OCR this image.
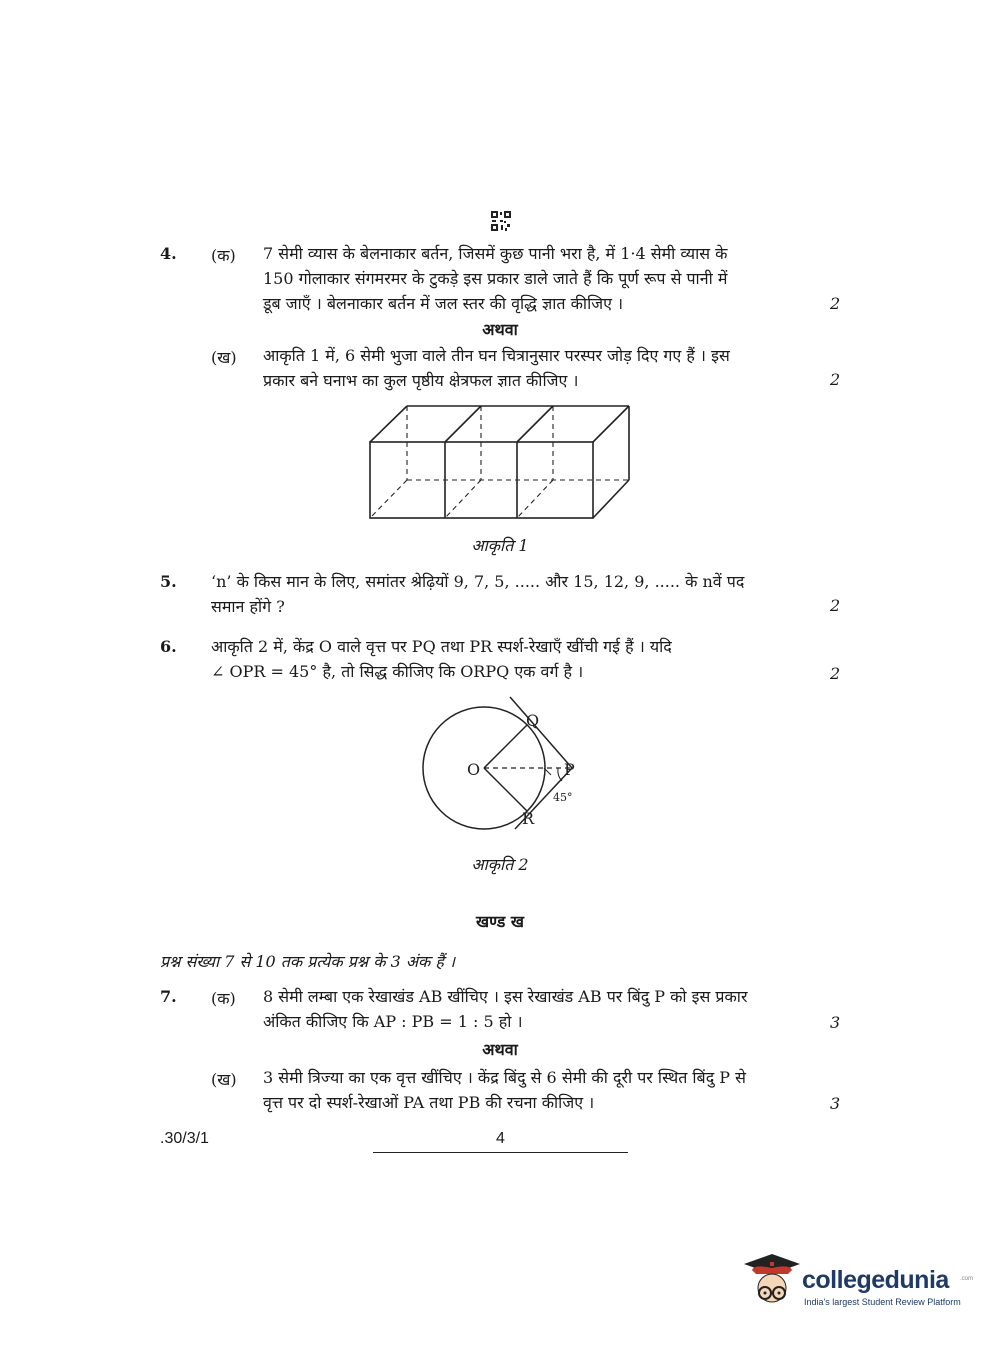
4. (क) 7 सेमी व्यास के बेलनाकार बर्तन, जिसमें कुछ पानी भरा है, में 1·4 सेमी व्यास के
150 गोलाकार संगमरमर के टुकड़े इस प्रकार डाले जाते हैं कि पूर्ण रूप से पानी में
डूब जाएँ । बेलनाकार बर्तन में जल स्तर की वृद्धि ज्ञात कीजिए ।	2
अथवा
(ख) आकृति 1 में, 6 सेमी भुजा वाले तीन घन चित्रानुसार परस्पर जोड़ दिए गए हैं । इस
प्रकार बने घनाभ का कुल पृष्ठीय क्षेत्रफल ज्ञात कीजिए ।	2
आकृति 1
5. ‘n’ के किस मान के लिए, समांतर श्रेढ़ियों 9, 7, 5, ..... और 15, 12, 9, ..... के nवें पद
समान होंगे ?	2
6. आकृति 2 में, केंद्र O वाले वृत्त पर PQ तथा PR स्पर्श-रेखाएँ खींची गई हैं । यदि
∠ OPR = 45° है, तो सिद्ध कीजिए कि ORPQ एक वर्ग है ।	2
O	P
Q
R
45°
आकृति 2
खण्ड ख
प्रश्न संख्या 7 से 10 तक प्रत्येक प्रश्न के 3 अंक हैं ।
7. (क) 8 सेमी लम्बा एक रेखाखंड AB खींचिए । इस रेखाखंड AB पर बिंदु P को इस प्रकार
अंकित कीजिए कि AP : PB = 1 : 5 हो ।	3
अथवा
(ख) 3 सेमी त्रिज्या का एक वृत्त खींचिए । केंद्र बिंदु से 6 सेमी की दूरी पर स्थित बिंदु P से
वृत्त पर दो स्पर्श-रेखाओं PA तथा PB की रचना कीजिए ।	3
.30/3/1	4
collegedunia .com
India's largest Student Review Platform
